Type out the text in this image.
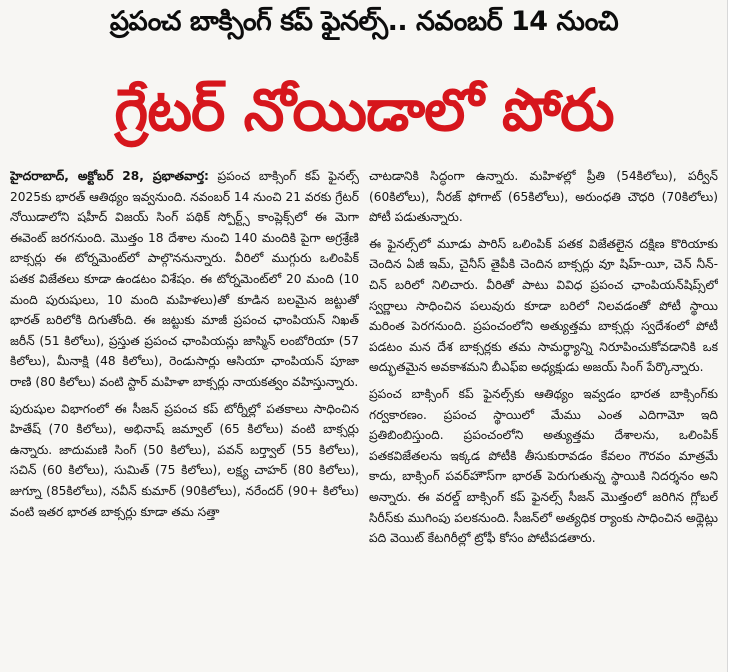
ప్రపంచ బాక్సింగ్ కప్ ఫైనల్స్.. నవంబర్ 14 నుంచి
గ్రేటర్ నోయిడాలో పోరు

హైదరాబాద్, అక్టోబర్ 28, ప్రభాతవార్త: ప్రపంచ బాక్సింగ్ కప్ ఫైనల్స్ 2025కు భారత్ ఆతిథ్యం ఇవ్వనుంది. నవంబర్ 14 నుంచి 21 వరకు గ్రేటర్ నోయిడాలోని షహీద్ విజయ్ సింగ్ పథిక్ స్పోర్ట్స్ కాంప్లెక్స్‌లో ఈ మెగా ఈవెంట్ జరగనుంది. మొత్తం 18 దేశాల నుంచి 140 మందికి పైగా అగ్రశ్రేణి బాక్సర్లు ఈ టోర్నమెంట్‌లో పాల్గొననున్నారు. వీరిలో ముగ్గురు ఒలింపిక్ పతక విజేతలు కూడా ఉండటం విశేషం. ఈ టోర్నమెంట్‌లో 20 మంది (10 మంది పురుషులు, 10 మంది మహిళలు)తో కూడిన బలమైన జట్టుతో భారత్ బరిలోకి దిగుతోంది. ఈ జట్టుకు మాజీ ప్రపంచ ఛాంపియన్ నిఖత్ జరీన్ (51 కిలోలు), ప్రస్తుత ప్రపంచ ఛాంపియన్లు జాస్మిన్ లంబోరియా (57 కిలోలు), మీనాక్షి (48 కిలోలు), రెండుసార్లు ఆసియా ఛాంపియన్ పూజా రాణి (80 కిలోలు) వంటి స్టార్ మహిళా బాక్సర్లు నాయకత్వం వహిస్తున్నారు.

పురుషుల విభాగంలో ఈ సీజన్ ప్రపంచ కప్ టోర్నీల్లో పతకాలు సాధించిన హితేష్ (70 కిలోలు), అభినాష్ జమ్వాల్ (65 కిలోలు) వంటి బాక్సర్లు ఉన్నారు. జాదుమణి సింగ్ (50 కిలోలు), పవన్ బర్త్వాల్ (55 కిలోలు), సచిన్ (60 కిలోలు), సుమిత్ (75 కిలోలు), లక్ష్య చాహర్ (80 కిలోలు), జుగ్నూ (85కిలోలు), నవీన్ కుమార్ (90కిలోలు), నరేందర్ (90+ కిలోలు) వంటి ఇతర భారత బాక్సర్లు కూడా తమ సత్తా

చాటడానికి సిద్ధంగా ఉన్నారు. మహిళల్లో ప్రీతి (54కిలోలు), పర్వీన్ (60కిలోలు), నీరజ్ ఫోగాట్ (65కిలోలు), అరుంధతి చౌధరి (70కిలోలు) పోటీ పడుతున్నారు.

ఈ ఫైనల్స్‌లో మూడు పారిస్ ఒలింపిక్ పతక విజేతలైన దక్షిణ కొరియాకు చెందిన ఏజీ ఇమ్, చైనీస్ తైపీకి చెందిన బాక్సర్లు వూ షిహ్-యీ, చెన్ నీన్-చిన్ బరిలో నిలిచారు. వీరితో పాటు వివిధ ప్రపంచ ఛాంపియన్‌షిప్స్‌లో స్వర్ణాలు సాధించిన పలువురు కూడా బరిలో నిలవడంతో పోటీ స్థాయి మరింత పెరగనుంది. ప్రపంచంలోని అత్యుత్తమ బాక్సర్లు స్వదేశంలో పోటీ పడటం మన దేశ బాక్సర్లకు తమ సామర్థ్యాన్ని నిరూపించుకోవడానికి ఒక అద్భుతమైన అవకాశమని బీఎఫ్ఐ అధ్యక్షుడు అజయ్ సింగ్ పేర్కొన్నారు.

ప్రపంచ బాక్సింగ్ కప్ ఫైనల్స్‌కు ఆతిథ్యం ఇవ్వడం భారత బాక్సింగ్‌కు గర్వకారణం. ప్రపంచ స్థాయిలో మేము ఎంత ఎదిగామో ఇది ప్రతిబింబిస్తుంది. ప్రపంచంలోని అత్యుత్తమ దేశాలను, ఒలింపిక్ పతకవిజేతలను ఇక్కడ పోటీకి తీసుకురావడం కేవలం గౌరవం మాత్రమే కాదు, బాక్సింగ్ పవర్‌హౌస్‌గా భారత్ పెరుగుతున్న స్థాయికి నిదర్శనం అని అన్నారు. ఈ వరల్డ్ బాక్సింగ్ కప్ ఫైనల్స్ సీజన్ మొత్తంలో జరిగిన గ్లోబల్ సిరీస్‌కు ముగింపు పలకనుంది. సీజన్‌లో అత్యధిక ర్యాంకు సాధించిన అథ్లెట్లు పది వెయిట్ కేటగిరీల్లో ట్రోఫీ కోసం పోటీపడతారు.
